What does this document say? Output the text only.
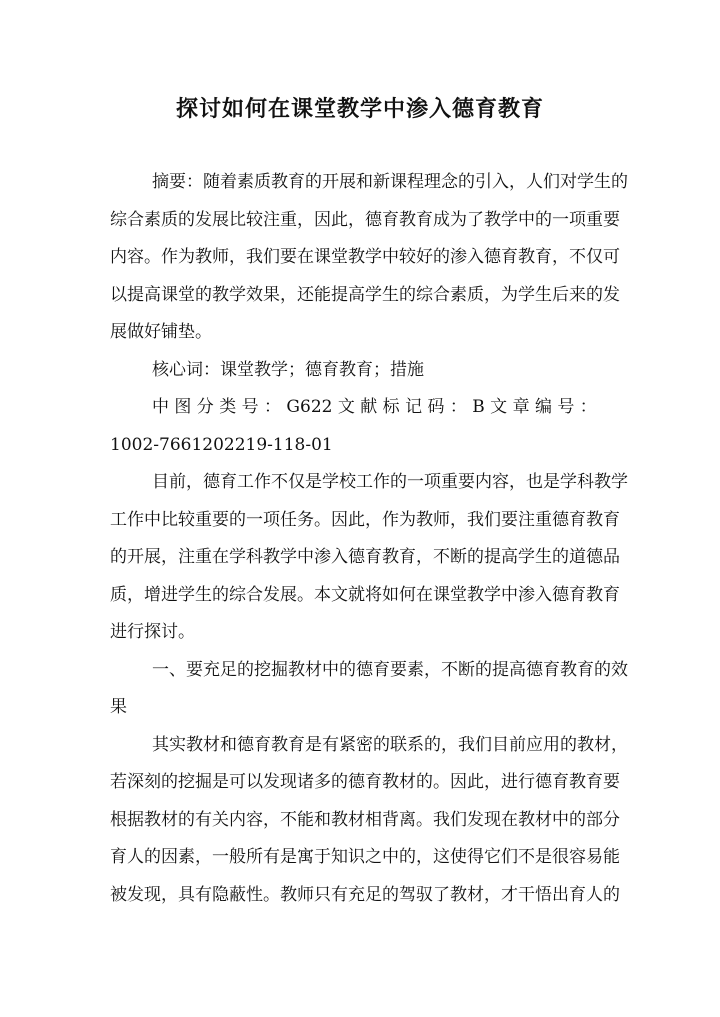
探讨如何在课堂教学中渗入德育教育
摘要：随着素质教育的开展和新课程理念的引入，人们对学生的
综合素质的发展比较注重，因此，德育教育成为了教学中的一项重要
内容。作为教师，我们要在课堂教学中较好的渗入德育教育，不仅可
以提高课堂的教学效果，还能提高学生的综合素质，为学生后来的发
展做好铺垫。
核心词：课堂教学；德育教育；措施
中 图 分 类 号 ： G622 文 献 标 记 码 ： B 文 章 编 号 ：
1002-7661202219-118-01
目前，德育工作不仅是学校工作的一项重要内容，也是学科教学
工作中比较重要的一项任务。因此，作为教师，我们要注重德育教育
的开展，注重在学科教学中渗入德育教育，不断的提高学生的道德品
质，增进学生的综合发展。本文就将如何在课堂教学中渗入德育教育
进行探讨。
一、要充足的挖掘教材中的德育要素，不断的提高德育教育的效
果
其实教材和德育教育是有紧密的联系的，我们目前应用的教材，
若深刻的挖掘是可以发现诸多的德育教材的。因此，进行德育教育要
根据教材的有关内容，不能和教材相背离。我们发现在教材中的部分
育人的因素，一般所有是寓于知识之中的，这使得它们不是很容易能
被发现，具有隐蔽性。教师只有充足的驾驭了教材，才干悟出育人的
